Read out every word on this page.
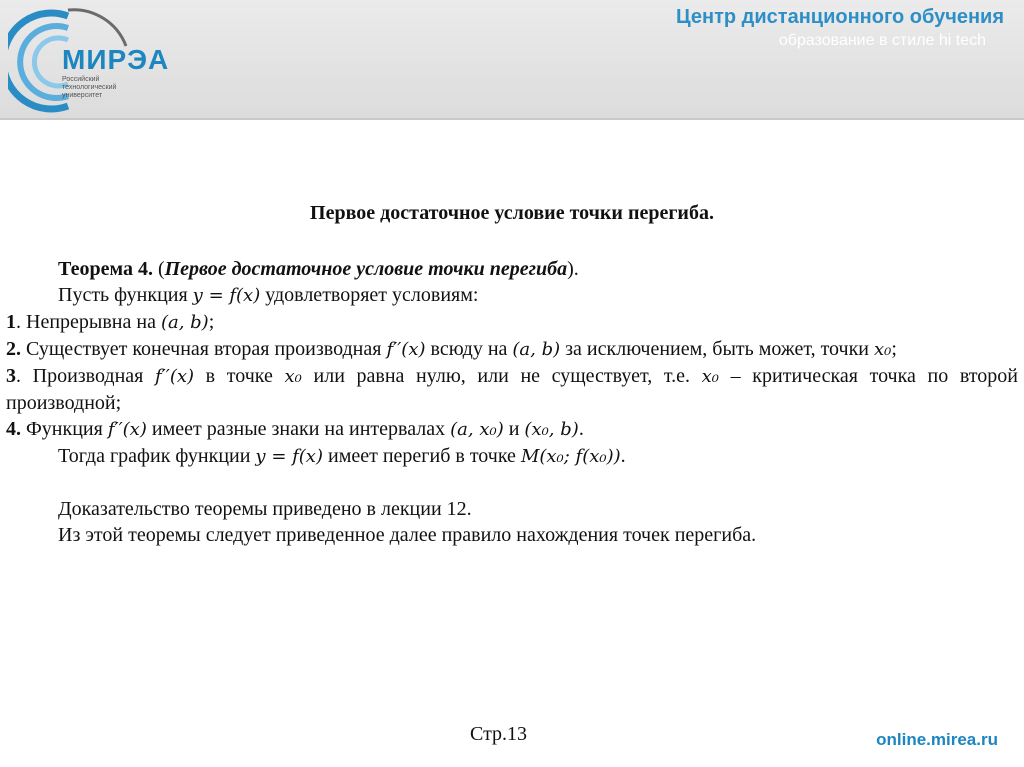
МИРЭА
Российский технологический университет
Центр дистанционного обучения
образование в стиле hi tech

Первое достаточное условие точки перегиба.

Теорема 4. (Первое достаточное условие точки перегиба).

Пусть функция y = f(x) удовлетворяет условиям:

1. Непрерывна на (a, b);

2. Существует конечная вторая производная f′′(x) всюду на (a, b) за исключением, быть может, точки x₀;

3. Производная f′′(x) в точке x₀ или равна нулю, или не существует, т.е. x₀ – критическая точка по второй производной;

4. Функция f′′(x) имеет разные знаки на интервалах (a, x₀) и (x₀, b).

Тогда график функции y = f(x) имеет перегиб в точке M(x₀; f(x₀)).

Доказательство теоремы приведено в лекции 12.

Из этой теоремы следует приведенное далее правило нахождения точек перегиба.

Стр.13	online.mirea.ru
